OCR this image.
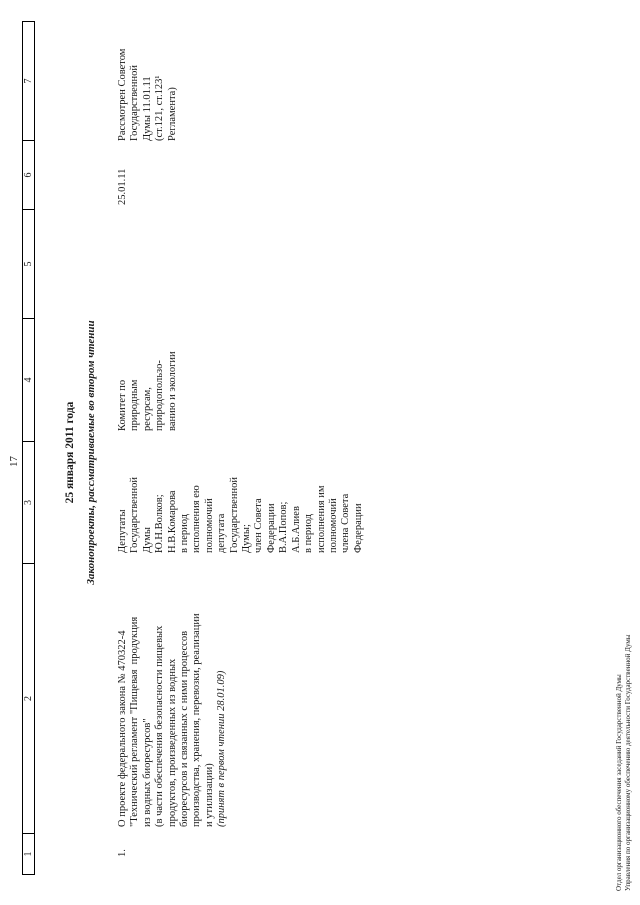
17
1
2
3
4
5
6
7
25 января 2011 года Законопроекты, рассматриваемые во втором чтении
1.
О проекте федерального закона № 470322-4 "Технический регламент "Пищевая  продукция из водных биоресурсов" (в части обеспечения безопасности пищевых продуктов, произведенных из водных биоресурсов и связанных с ними процессов производства, хранения, перевозки, реализации и утилизации) (принят в первом чтении 28.01.09)
Депутаты
Государственной
Думы
Ю.Н.Волков;
Н.В.Комарова
в период
исполнения ею
полномочий
депутата
Государственной
Думы;
член Совета
Федерации
В.А.Попов;
А.Б.Алиев
в период
исполнения им
полномочий
члена Совета
Федерации
Комитет по
природным
ресурсам,
природопользо-
ванию и экологии
25.01.11
Рассмотрен Советом
Государственной
Думы 11.01.11
(ст.121, ст.123¹
Регламента)
Отдел организационного обеспечения заседаний Государственной Думы Управления по организационному обеспечению деятельности Государственной Думы
